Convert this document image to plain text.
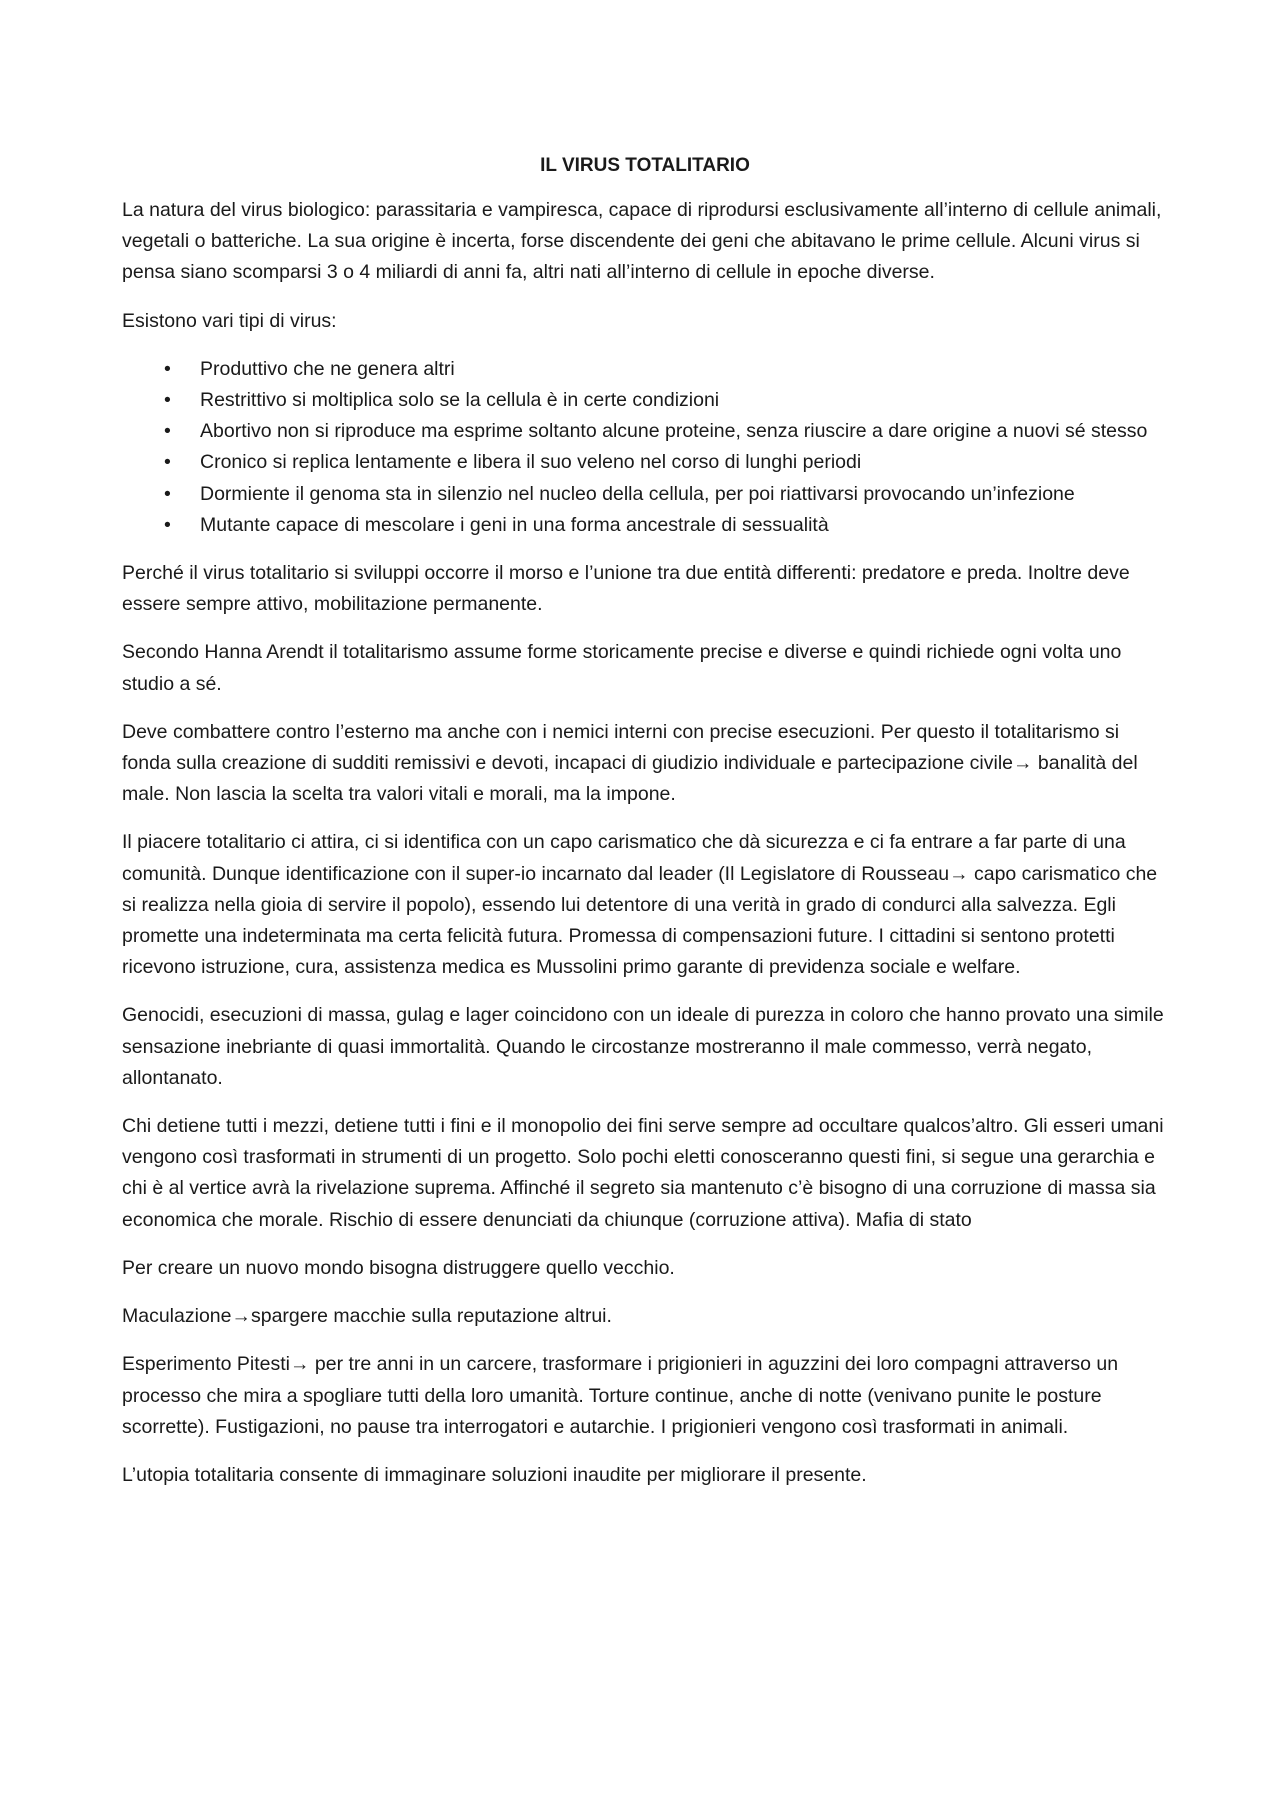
IL VIRUS TOTALITARIO

La natura del virus biologico: parassitaria e vampiresca, capace di riprodursi esclusivamente all’interno di cellule animali, vegetali o batteriche. La sua origine è incerta, forse discendente dei geni che abitavano le prime cellule. Alcuni virus si pensa siano scomparsi 3 o 4 miliardi di anni fa, altri nati all’interno di cellule in epoche diverse.

Esistono vari tipi di virus:

• Produttivo che ne genera altri
• Restrittivo si moltiplica solo se la cellula è in certe condizioni
• Abortivo non si riproduce ma esprime soltanto alcune proteine, senza riuscire a dare origine a nuovi sé stesso
• Cronico si replica lentamente e libera il suo veleno nel corso di lunghi periodi
• Dormiente il genoma sta in silenzio nel nucleo della cellula, per poi riattivarsi provocando un’infezione
• Mutante capace di mescolare i geni in una forma ancestrale di sessualità

Perché il virus totalitario si sviluppi occorre il morso e l’unione tra due entità differenti: predatore e preda. Inoltre deve essere sempre attivo, mobilitazione permanente.

Secondo Hanna Arendt il totalitarismo assume forme storicamente precise e diverse e quindi richiede ogni volta uno studio a sé.

Deve combattere contro l’esterno ma anche con i nemici interni con precise esecuzioni. Per questo il totalitarismo si fonda sulla creazione di sudditi remissivi e devoti, incapaci di giudizio individuale e partecipazione civile→ banalità del male. Non lascia la scelta tra valori vitali e morali, ma la impone.

Il piacere totalitario ci attira, ci si identifica con un capo carismatico che dà sicurezza e ci fa entrare a far parte di una comunità. Dunque identificazione con il super-io incarnato dal leader (Il Legislatore di Rousseau→ capo carismatico che si realizza nella gioia di servire il popolo), essendo lui detentore di una verità in grado di condurci alla salvezza. Egli promette una indeterminata ma certa felicità futura. Promessa di compensazioni future. I cittadini si sentono protetti ricevono istruzione, cura, assistenza medica es Mussolini primo garante di previdenza sociale e welfare.

Genocidi, esecuzioni di massa, gulag e lager coincidono con un ideale di purezza in coloro che hanno provato una simile sensazione inebriante di quasi immortalità. Quando le circostanze mostreranno il male commesso, verrà negato, allontanato.

Chi detiene tutti i mezzi, detiene tutti i fini e il monopolio dei fini serve sempre ad occultare qualcos’altro. Gli esseri umani vengono così trasformati in strumenti di un progetto. Solo pochi eletti conosceranno questi fini, si segue una gerarchia e chi è al vertice avrà la rivelazione suprema. Affinché il segreto sia mantenuto c’è bisogno di una corruzione di massa sia economica che morale. Rischio di essere denunciati da chiunque (corruzione attiva). Mafia di stato

Per creare un nuovo mondo bisogna distruggere quello vecchio.

Maculazione→spargere macchie sulla reputazione altrui.

Esperimento Pitesti→ per tre anni in un carcere, trasformare i prigionieri in aguzzini dei loro compagni attraverso un processo che mira a spogliare tutti della loro umanità. Torture continue, anche di notte (venivano punite le posture scorrette). Fustigazioni, no pause tra interrogatori e autarchie. I prigionieri vengono così trasformati in animali.

L’utopia totalitaria consente di immaginare soluzioni inaudite per migliorare il presente.
